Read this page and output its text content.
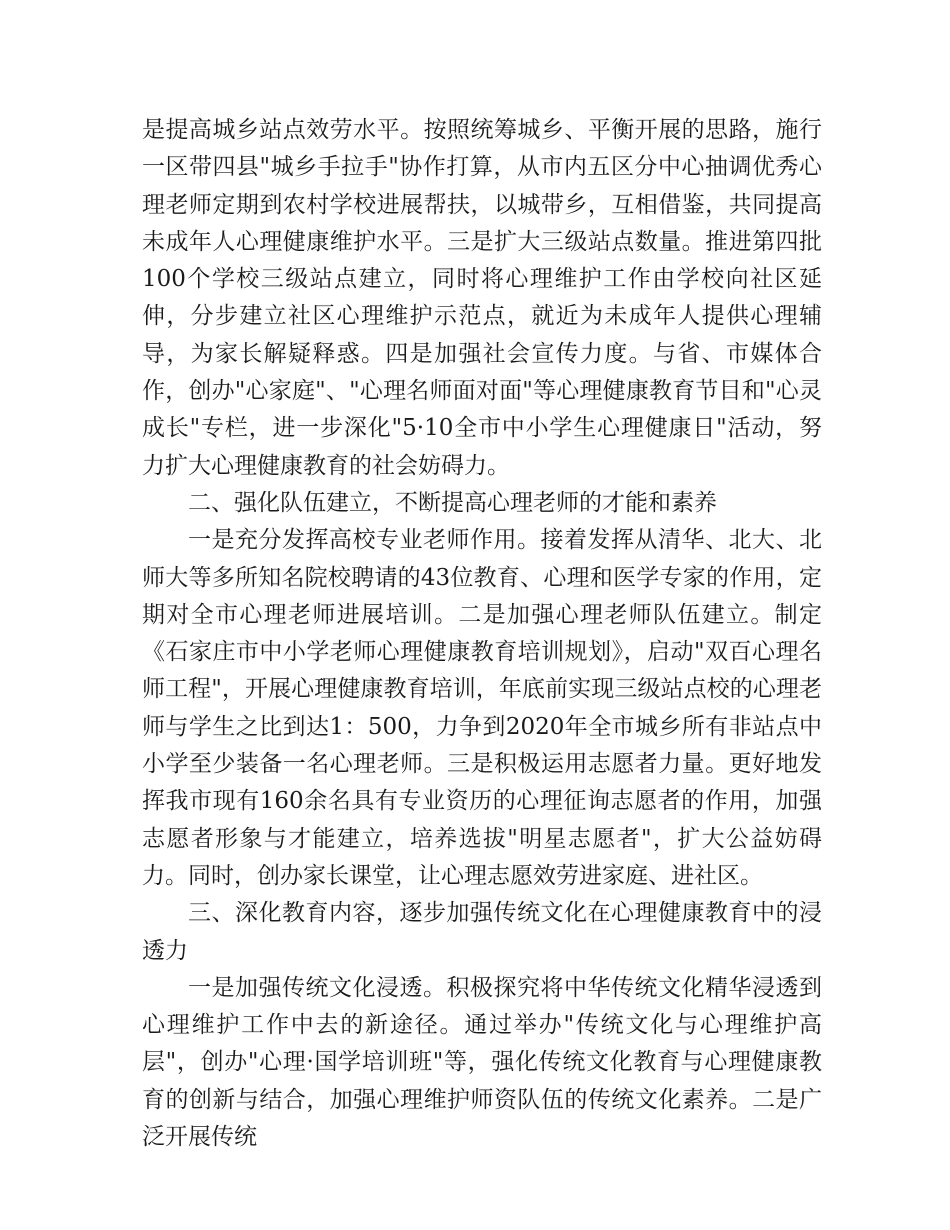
是提高城乡站点效劳水平。按照统筹城乡、平衡开展的思路，施行一区带四县"城乡手拉手"协作打算，从市内五区分中心抽调优秀心理老师定期到农村学校进展帮扶，以城带乡，互相借鉴，共同提高未成年人心理健康维护水平。三是扩大三级站点数量。推进第四批100个学校三级站点建立，同时将心理维护工作由学校向社区延伸，分步建立社区心理维护示范点，就近为未成年人提供心理辅导，为家长解疑释惑。四是加强社会宣传力度。与省、市媒体合作，创办"心家庭"、"心理名师面对面"等心理健康教育节目和"心灵成长"专栏，进一步深化"5·10全市中小学生心理健康日"活动，努力扩大心理健康教育的社会妨碍力。

二、强化队伍建立，不断提高心理老师的才能和素养

一是充分发挥高校专业老师作用。接着发挥从清华、北大、北师大等多所知名院校聘请的43位教育、心理和医学专家的作用，定期对全市心理老师进展培训。二是加强心理老师队伍建立。制定《石家庄市中小学老师心理健康教育培训规划》，启动"双百心理名师工程"，开展心理健康教育培训，年底前实现三级站点校的心理老师与学生之比到达1：500，力争到2020年全市城乡所有非站点中小学至少装备一名心理老师。三是积极运用志愿者力量。更好地发挥我市现有160余名具有专业资历的心理征询志愿者的作用，加强志愿者形象与才能建立，培养选拔"明星志愿者"，扩大公益妨碍力。同时，创办家长课堂，让心理志愿效劳进家庭、进社区。

三、深化教育内容，逐步加强传统文化在心理健康教育中的浸透力

一是加强传统文化浸透。积极探究将中华传统文化精华浸透到心理维护工作中去的新途径。通过举办"传统文化与心理维护高层"，创办"心理·国学培训班"等，强化传统文化教育与心理健康教育的创新与结合，加强心理维护师资队伍的传统文化素养。二是广泛开展传统
